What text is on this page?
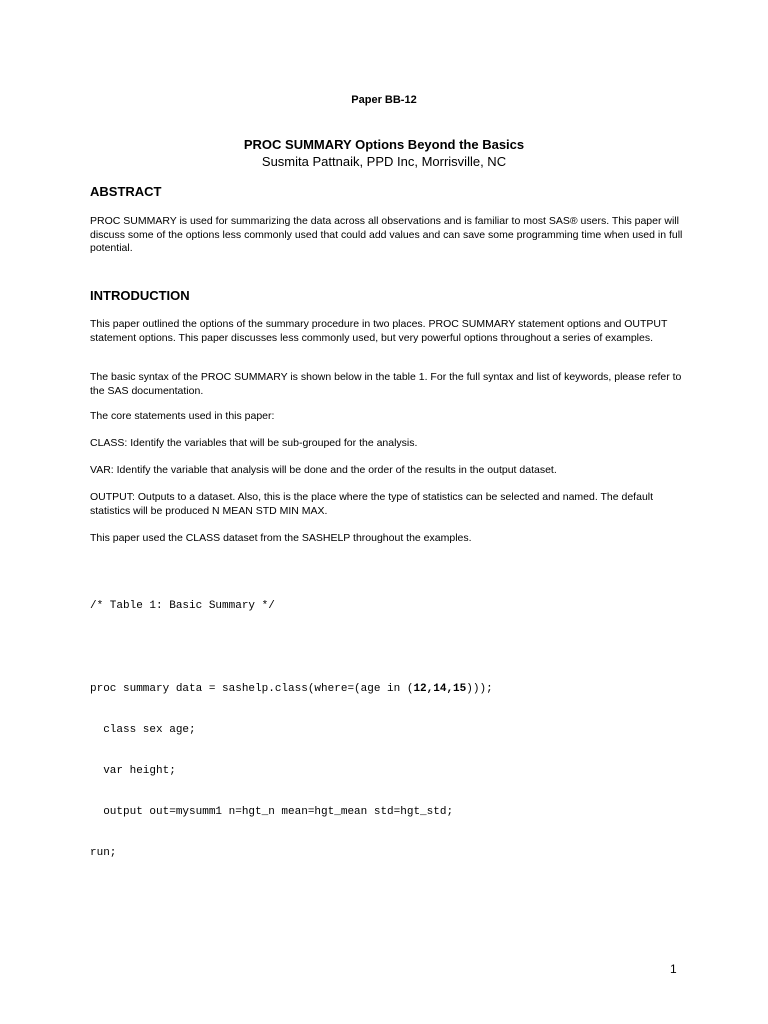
Paper BB-12
PROC SUMMARY Options Beyond the Basics
Susmita Pattnaik, PPD Inc, Morrisville, NC
ABSTRACT
PROC SUMMARY is used for summarizing the data across all observations and is familiar to most SAS® users. This paper will discuss some of the options less commonly used that could add values and can save some programming time when used in full potential.
INTRODUCTION
This paper outlined the options of the summary procedure in two places. PROC SUMMARY statement options and OUTPUT statement options. This paper discusses less commonly used, but very powerful options throughout a series of examples.
The basic syntax of the PROC SUMMARY is shown below in the table 1. For the full syntax and list of keywords, please refer to the SAS documentation.
The core statements used in this paper:
CLASS: Identify the variables that will be sub-grouped for the analysis.
VAR: Identify the variable that analysis will be done and the order of the results in the output dataset.
OUTPUT: Outputs to a dataset. Also, this is the place where the type of statistics can be selected and named. The default statistics will be produced N MEAN STD MIN MAX.
This paper used the CLASS dataset from the SASHELP throughout the examples.

/* Table 1: Basic Summary */

proc summary data = sashelp.class(where=(age in (12,14,15)));

class sex age;

var height;

output out=mysumm1 n=hgt_n mean=hgt_mean std=hgt_std;

run;

1
